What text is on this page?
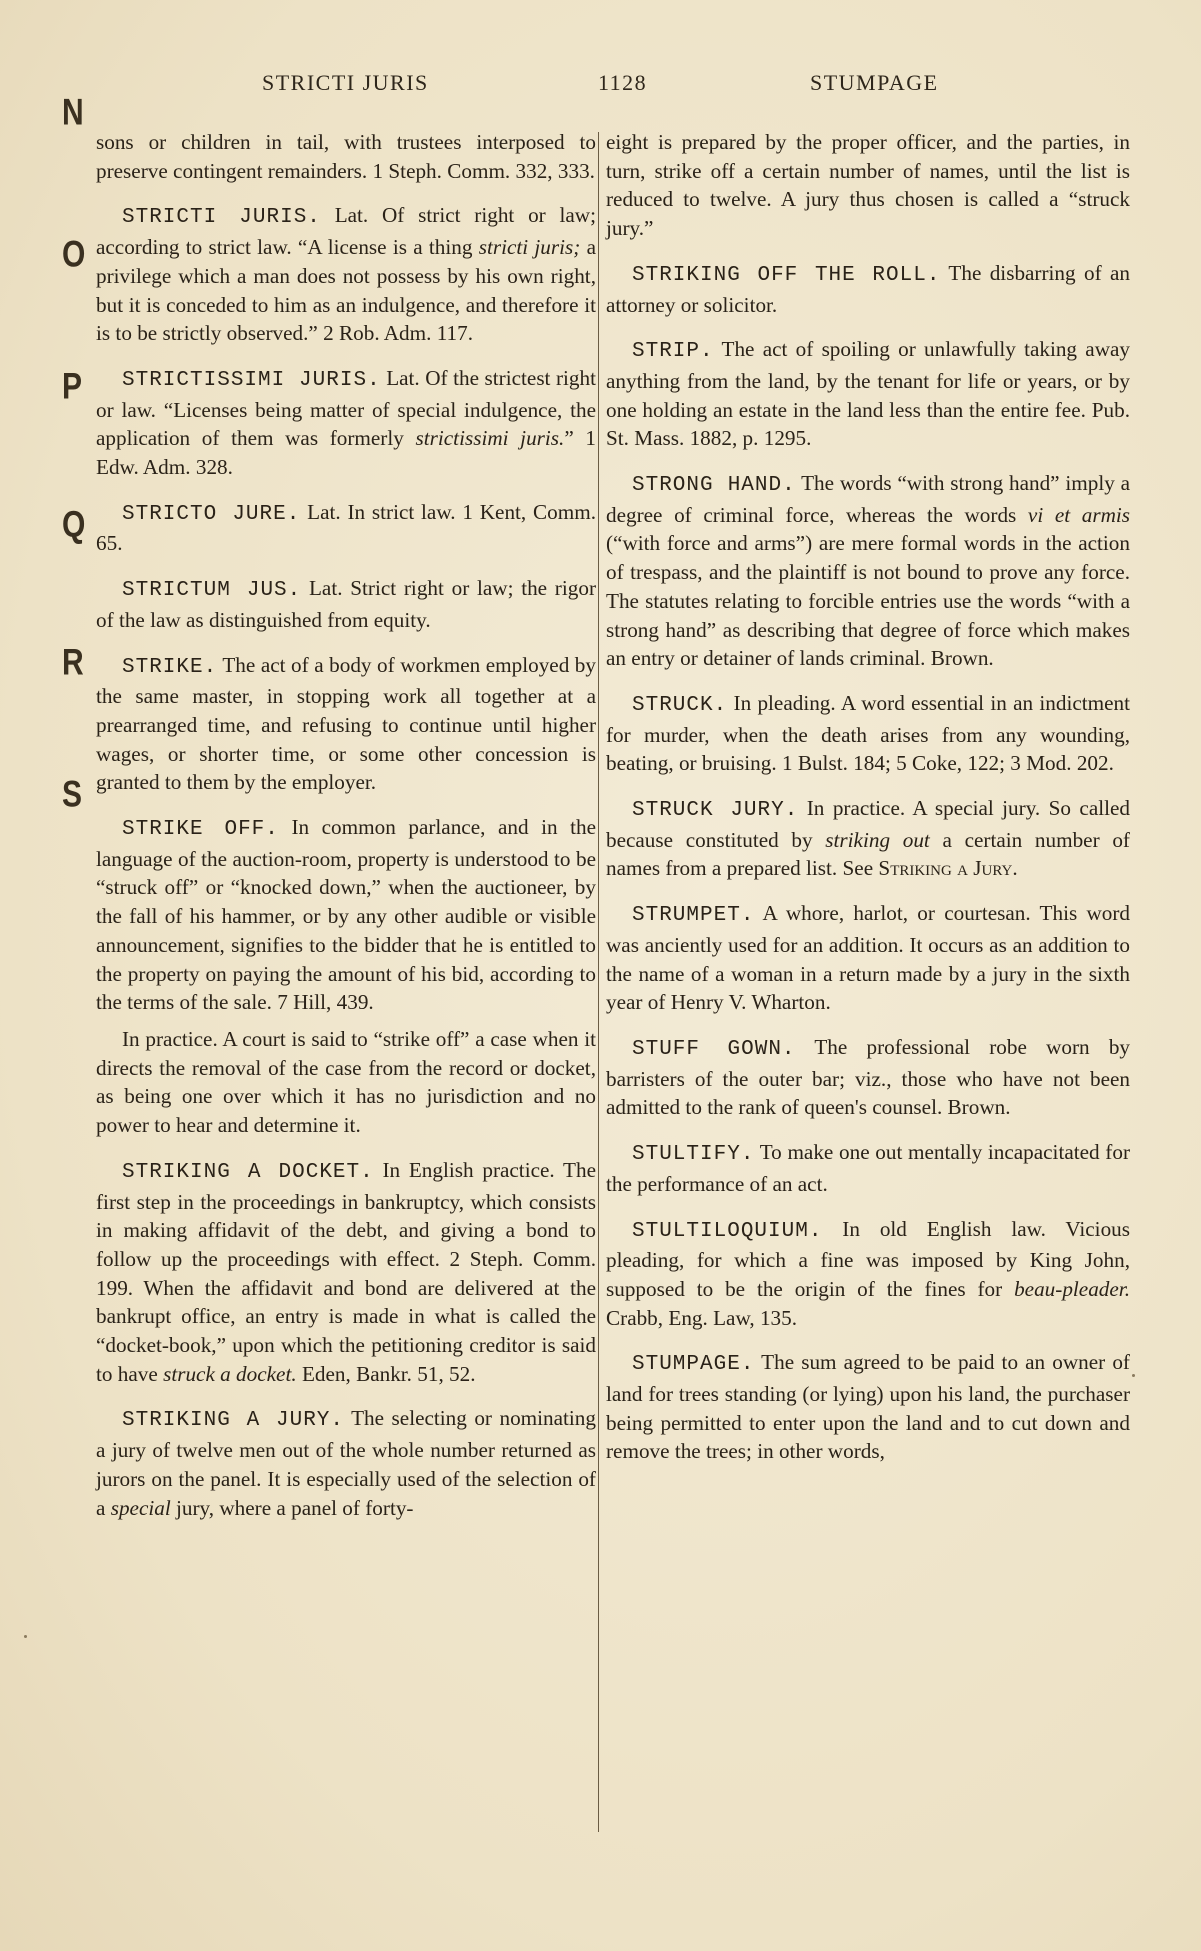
STRICTI JURIS	1128	STUMPAGE
N
O
P
Q
R
S

sons or children in tail, with trustees interposed to preserve contingent remainders. 1 Steph. Comm. 332, 333.

STRICTI JURIS. Lat. Of strict right or law; according to strict law. “A license is a thing stricti juris; a privilege which a man does not possess by his own right, but it is conceded to him as an indulgence, and therefore it is to be strictly observed.” 2 Rob. Adm. 117.

STRICTISSIMI JURIS. Lat. Of the strictest right or law. “Licenses being matter of special indulgence, the application of them was formerly strictissimi juris.” 1 Edw. Adm. 328.

STRICTO JURE. Lat. In strict law. 1 Kent, Comm. 65.

STRICTUM JUS. Lat. Strict right or law; the rigor of the law as distinguished from equity.

STRIKE. The act of a body of workmen employed by the same master, in stopping work all together at a prearranged time, and refusing to continue until higher wages, or shorter time, or some other concession is granted to them by the employer.

STRIKE OFF. In common parlance, and in the language of the auction-room, property is understood to be “struck off” or “knocked down,” when the auctioneer, by the fall of his hammer, or by any other audible or visible announcement, signifies to the bidder that he is entitled to the property on paying the amount of his bid, according to the terms of the sale. 7 Hill, 439.

In practice. A court is said to “strike off” a case when it directs the removal of the case from the record or docket, as being one over which it has no jurisdiction and no power to hear and determine it.

STRIKING A DOCKET. In English practice. The first step in the proceedings in bankruptcy, which consists in making affidavit of the debt, and giving a bond to follow up the proceedings with effect. 2 Steph. Comm. 199. When the affidavit and bond are delivered at the bankrupt office, an entry is made in what is called the “docket-book,” upon which the petitioning creditor is said to have struck a docket. Eden, Bankr. 51, 52.

STRIKING A JURY. The selecting or nominating a jury of twelve men out of the whole number returned as jurors on the panel. It is especially used of the selection of a special jury, where a panel of forty-

eight is prepared by the proper officer, and the parties, in turn, strike off a certain number of names, until the list is reduced to twelve. A jury thus chosen is called a “struck jury.”

STRIKING OFF THE ROLL. The disbarring of an attorney or solicitor.

STRIP. The act of spoiling or unlawfully taking away anything from the land, by the tenant for life or years, or by one holding an estate in the land less than the entire fee. Pub. St. Mass. 1882, p. 1295.

STRONG HAND. The words “with strong hand” imply a degree of criminal force, whereas the words vi et armis (“with force and arms”) are mere formal words in the action of trespass, and the plaintiff is not bound to prove any force. The statutes relating to forcible entries use the words “with a strong hand” as describing that degree of force which makes an entry or detainer of lands criminal. Brown.

STRUCK. In pleading. A word essential in an indictment for murder, when the death arises from any wounding, beating, or bruising. 1 Bulst. 184; 5 Coke, 122; 3 Mod. 202.

STRUCK JURY. In practice. A special jury. So called because constituted by striking out a certain number of names from a prepared list. See Striking a Jury.

STRUMPET. A whore, harlot, or courtesan. This word was anciently used for an addition. It occurs as an addition to the name of a woman in a return made by a jury in the sixth year of Henry V. Wharton.

STUFF GOWN. The professional robe worn by barristers of the outer bar; viz., those who have not been admitted to the rank of queen's counsel. Brown.

STULTIFY. To make one out mentally incapacitated for the performance of an act.

STULTILOQUIUM. In old English law. Vicious pleading, for which a fine was imposed by King John, supposed to be the origin of the fines for beau-pleader. Crabb, Eng. Law, 135.

STUMPAGE. The sum agreed to be paid to an owner of land for trees standing (or lying) upon his land, the purchaser being permitted to enter upon the land and to cut down and remove the trees; in other words,
